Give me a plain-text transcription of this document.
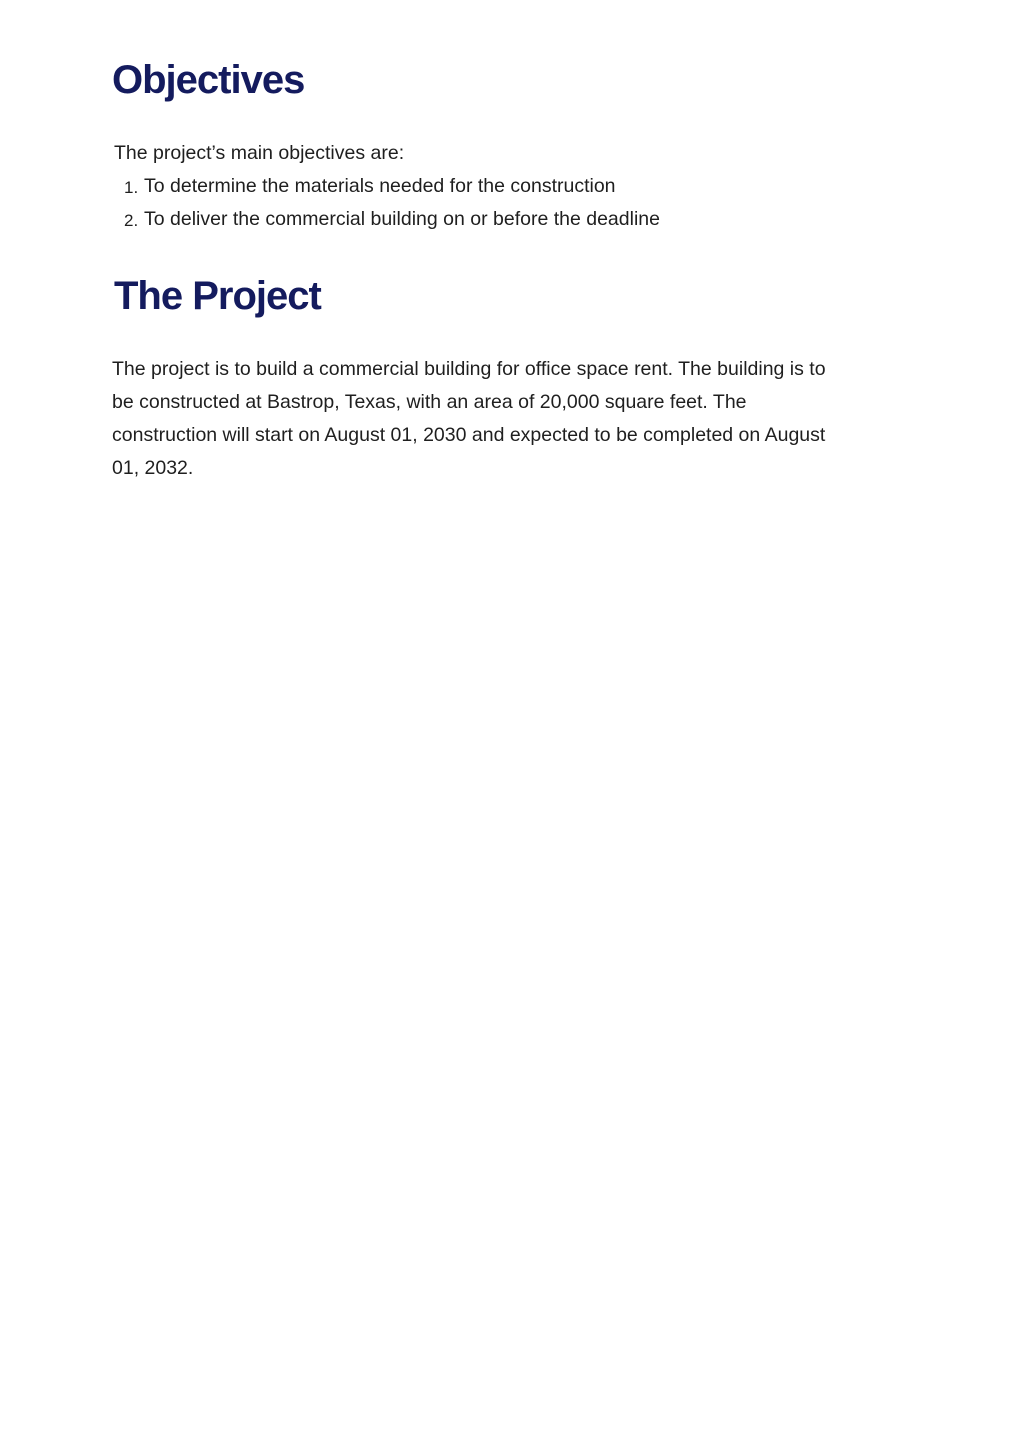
Objectives

The project’s main objectives are:

1. To determine the materials needed for the construction
2. To deliver the commercial building on or before the deadline
The Project

The project is to build a commercial building for office space rent. The building is to
be constructed at Bastrop, Texas, with an area of 20,000 square feet. The
construction will start on August 01, 2030 and expected to be completed on August
01, 2032.
